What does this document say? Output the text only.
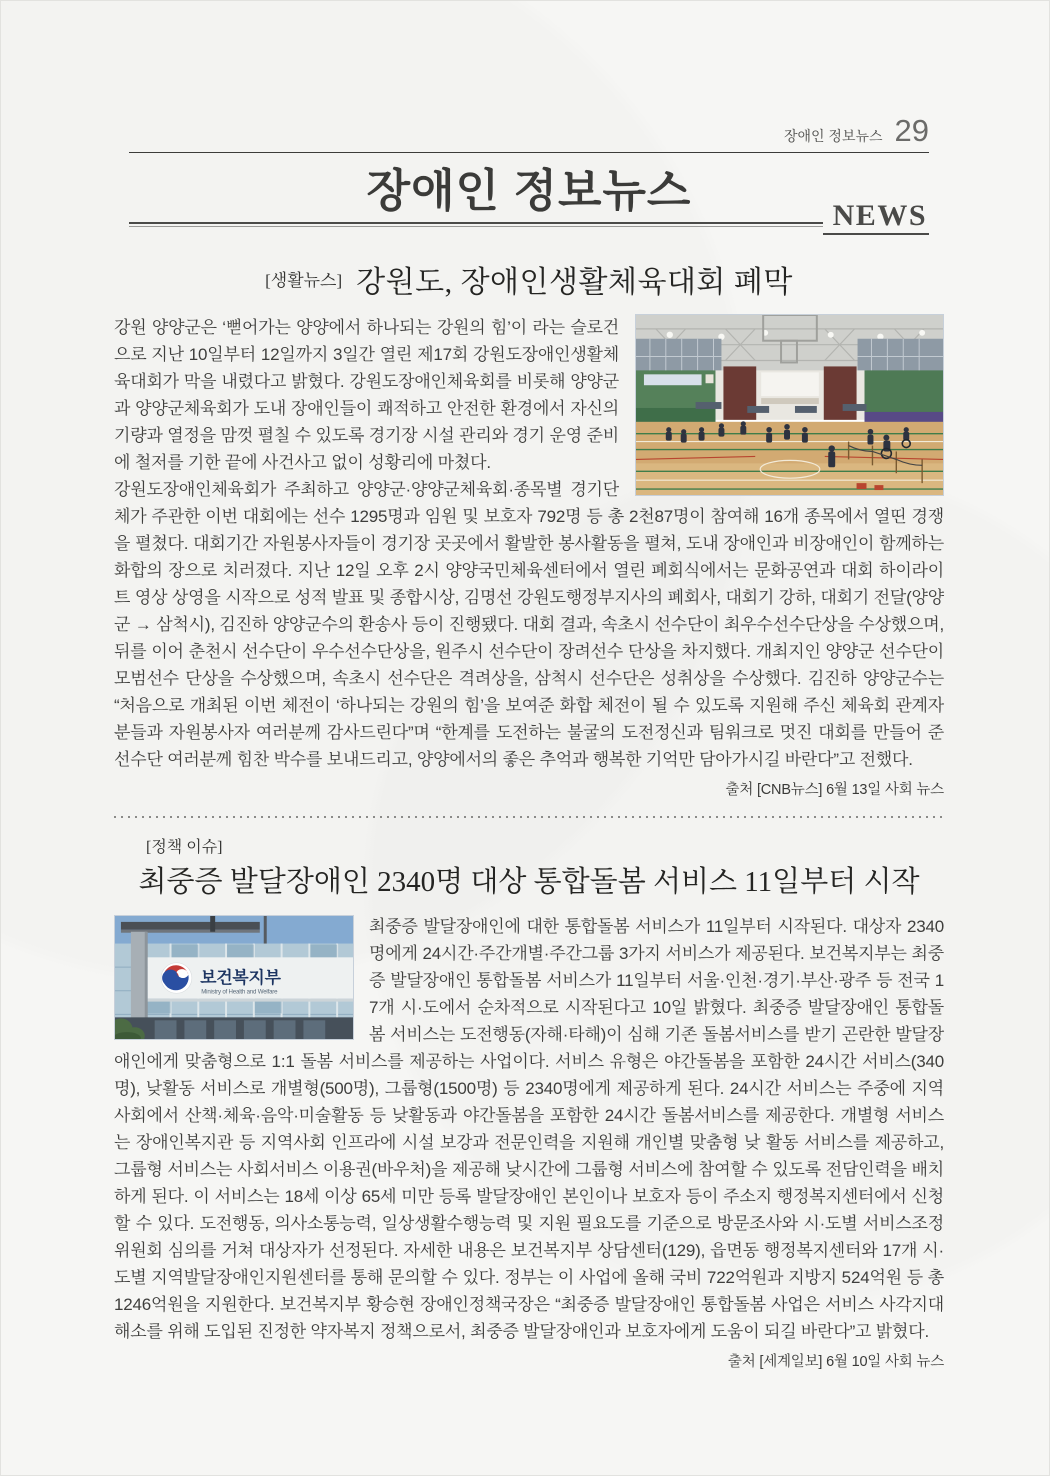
장애인 정보뉴스 29
장애인 정보뉴스	NEWS
[생활뉴스] 강원도, 장애인생활체육대회 폐막

강원 양양군은 ‘뻗어가는 양양에서 하나되는 강원의 힘’이 라는 슬로건으로 지난 10일부터 12일까지 3일간 열린 제17회 강원도장애인생활체육대회가 막을 내렸다고 밝혔다. 강원도장애인체육회를 비롯해 양양군과 양양군체육회가 도내 장애인들이 쾌적하고 안전한 환경에서 자신의 기량과 열정을 맘껏 펼칠 수 있도록 경기장 시설 관리와 경기 운영 준비에 철저를 기한 끝에 사건사고 없이 성황리에 마쳤다.

강원도장애인체육회가 주최하고 양양군·양양군체육회·종목별 경기단체가 주관한 이번 대회에는 선수 1295명과 임원 및 보호자 792명 등 총 2천87명이 참여해 16개 종목에서 열띤 경쟁을 펼쳤다. 대회기간 자원봉사자들이 경기장 곳곳에서 활발한 봉사활동을 펼쳐, 도내 장애인과 비장애인이 함께하는 화합의 장으로 치러졌다. 지난 12일 오후 2시 양양국민체육센터에서 열린 폐회식에서는 문화공연과 대회 하이라이트 영상 상영을 시작으로 성적 발표 및 종합시상, 김명선 강원도행정부지사의 폐회사, 대회기 강하, 대회기 전달(양양군 → 삼척시), 김진하 양양군수의 환송사 등이 진행됐다. 대회 결과, 속초시 선수단이 최우수선수단상을 수상했으며, 뒤를 이어 춘천시 선수단이 우수선수단상을, 원주시 선수단이 장려선수 단상을 차지했다. 개최지인 양양군 선수단이 모범선수 단상을 수상했으며, 속초시 선수단은 격려상을, 삼척시 선수단은 성취상을 수상했다. 김진하 양양군수는 “처음으로 개최된 이번 체전이 ‘하나되는 강원의 힘’을 보여준 화합 체전이 될 수 있도록 지원해 주신 체육회 관계자분들과 자원봉사자 여러분께 감사드린다”며 “한계를 도전하는 불굴의 도전정신과 팀워크로 멋진 대회를 만들어 준 선수단 여러분께 힘찬 박수를 보내드리고, 양양에서의 좋은 추억과 행복한 기억만 담아가시길 바란다”고 전했다.

출처 [CNB뉴스] 6월 13일 사회 뉴스
[정책 이슈]
최중증 발달장애인 2340명 대상 통합돌봄 서비스 11일부터 시작
보건복지부
Ministry of Health and Welfare

최중증 발달장애인에 대한 통합돌봄 서비스가 11일부터 시작된다. 대상자 2340명에게 24시간·주간개별·주간그룹 3가지 서비스가 제공된다. 보건복지부는 최중증 발달장애인 통합돌봄 서비스가 11일부터 서울·인천·경기·부산·광주 등 전국 17개 시·도에서 순차적으로 시작된다고 10일 밝혔다. 최중증 발달장애인 통합돌봄 서비스는 도전행동(자해·타해)이 심해 기존 돌봄서비스를 받기 곤란한 발달장애인에게 맞춤형으로 1:1 돌봄 서비스를 제공하는 사업이다. 서비스 유형은 야간돌봄을 포함한 24시간 서비스(340명), 낮활동 서비스로 개별형(500명), 그룹형(1500명) 등 2340명에게 제공하게 된다. 24시간 서비스는 주중에 지역사회에서 산책·체육·음악·미술활동 등 낮활동과 야간돌봄을 포함한 24시간 돌봄서비스를 제공한다. 개별형 서비스는 장애인복지관 등 지역사회 인프라에 시설 보강과 전문인력을 지원해 개인별 맞춤형 낮 활동 서비스를 제공하고, 그룹형 서비스는 사회서비스 이용권(바우처)을 제공해 낮시간에 그룹형 서비스에 참여할 수 있도록 전담인력을 배치하게 된다. 이 서비스는 18세 이상 65세 미만 등록 발달장애인 본인이나 보호자 등이 주소지 행정복지센터에서 신청할 수 있다. 도전행동, 의사소통능력, 일상생활수행능력 및 지원 필요도를 기준으로 방문조사와 시·도별 서비스조정위원회 심의를 거쳐 대상자가 선정된다. 자세한 내용은 보건복지부 상담센터(129), 읍면동 행정복지센터와 17개 시·도별 지역발달장애인지원센터를 통해 문의할 수 있다. 정부는 이 사업에 올해 국비 722억원과 지방지 524억원 등 총 1246억원을 지원한다. 보건복지부 황승현 장애인정책국장은 “최중증 발달장애인 통합돌봄 사업은 서비스 사각지대 해소를 위해 도입된 진정한 약자복지 정책으로서, 최중증 발달장애인과 보호자에게 도움이 되길 바란다”고 밝혔다.

출처 [세계일보] 6월 10일 사회 뉴스
